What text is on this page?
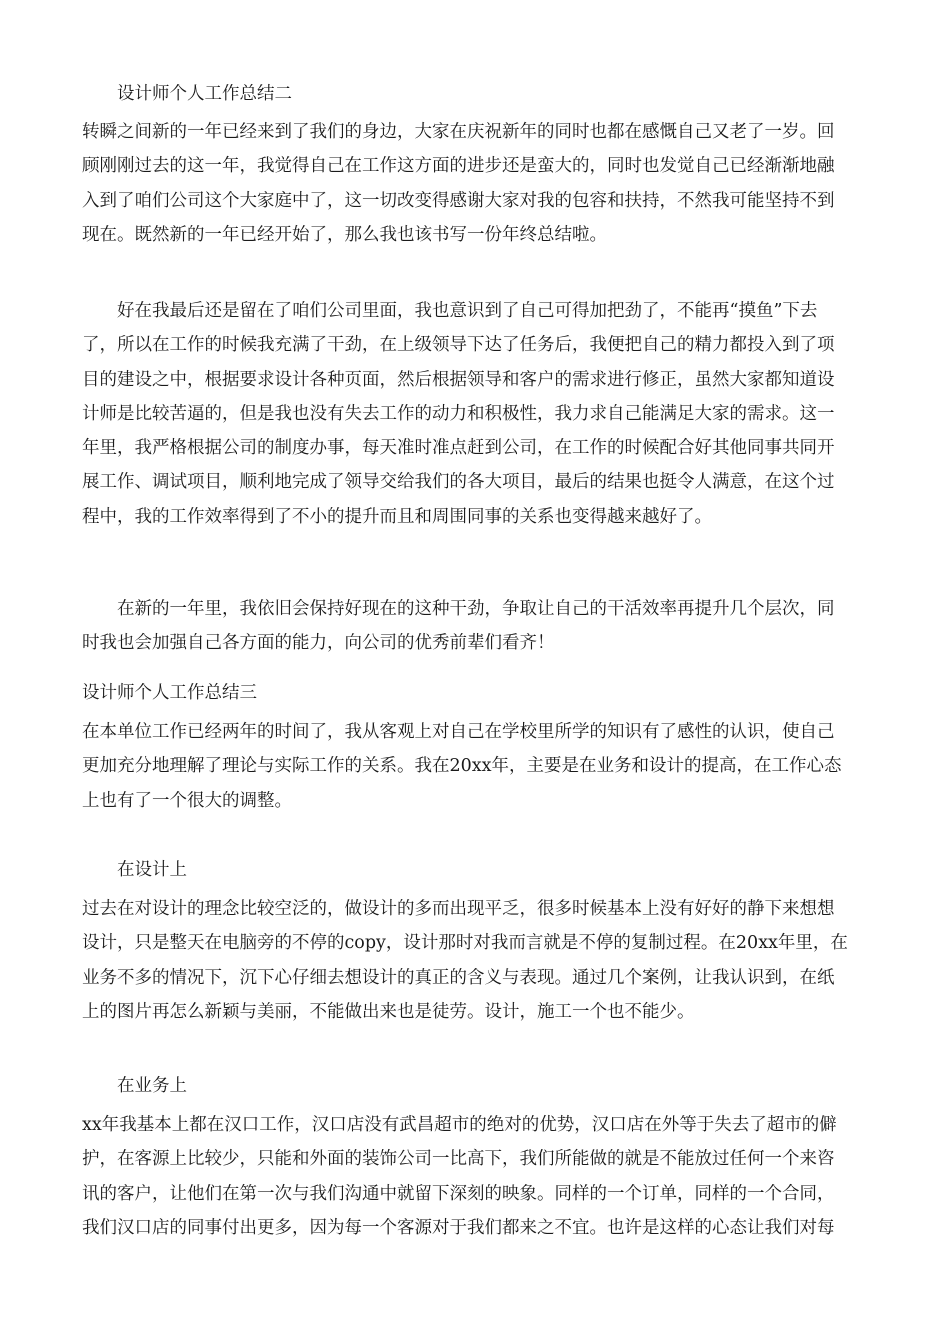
设计师个人工作总结二

转瞬之间新的一年已经来到了我们的身边，大家在庆祝新年的同时也都在感慨自己又老了一岁。回
顾刚刚过去的这一年，我觉得自己在工作这方面的进步还是蛮大的，同时也发觉自己已经渐渐地融
入到了咱们公司这个大家庭中了，这一切改变得感谢大家对我的包容和扶持，不然我可能坚持不到
现在。既然新的一年已经开始了，那么我也该书写一份年终总结啦。
好在我最后还是留在了咱们公司里面，我也意识到了自己可得加把劲了，不能再“摸鱼”下去
了，所以在工作的时候我充满了干劲，在上级领导下达了任务后，我便把自己的精力都投入到了项
目的建设之中，根据要求设计各种页面，然后根据领导和客户的需求进行修正，虽然大家都知道设
计师是比较苦逼的，但是我也没有失去工作的动力和积极性，我力求自己能满足大家的需求。这一
年里，我严格根据公司的制度办事，每天准时准点赶到公司，在工作的时候配合好其他同事共同开
展工作、调试项目，顺利地完成了领导交给我们的各大项目，最后的结果也挺令人满意，在这个过
程中，我的工作效率得到了不小的提升而且和周围同事的关系也变得越来越好了。
在新的一年里，我依旧会保持好现在的这种干劲，争取让自己的干活效率再提升几个层次，同
时我也会加强自己各方面的能力，向公司的优秀前辈们看齐！

设计师个人工作总结三

在本单位工作已经两年的时间了，我从客观上对自己在学校里所学的知识有了感性的认识，使自己
更加充分地理解了理论与实际工作的关系。我在20xx年，主要是在业务和设计的提高，在工作心态
上也有了一个很大的调整。

在设计上

过去在对设计的理念比较空泛的，做设计的多而出现平乏，很多时候基本上没有好好的静下来想想
设计，只是整天在电脑旁的不停的copy，设计那时对我而言就是不停的复制过程。在20xx年里，在
业务不多的情况下，沉下心仔细去想设计的真正的含义与表现。通过几个案例，让我认识到，在纸
上的图片再怎么新颖与美丽，不能做出来也是徒劳。设计，施工一个也不能少。

在业务上

xx年我基本上都在汉口工作，汉口店没有武昌超市的绝对的优势，汉口店在外等于失去了超市的僻
护，在客源上比较少，只能和外面的装饰公司一比高下，我们所能做的就是不能放过任何一个来咨
讯的客户，让他们在第一次与我们沟通中就留下深刻的映象。同样的一个订单，同样的一个合同，
我们汉口店的同事付出更多，因为每一个客源对于我们都来之不宜。也许是这样的心态让我们对每
